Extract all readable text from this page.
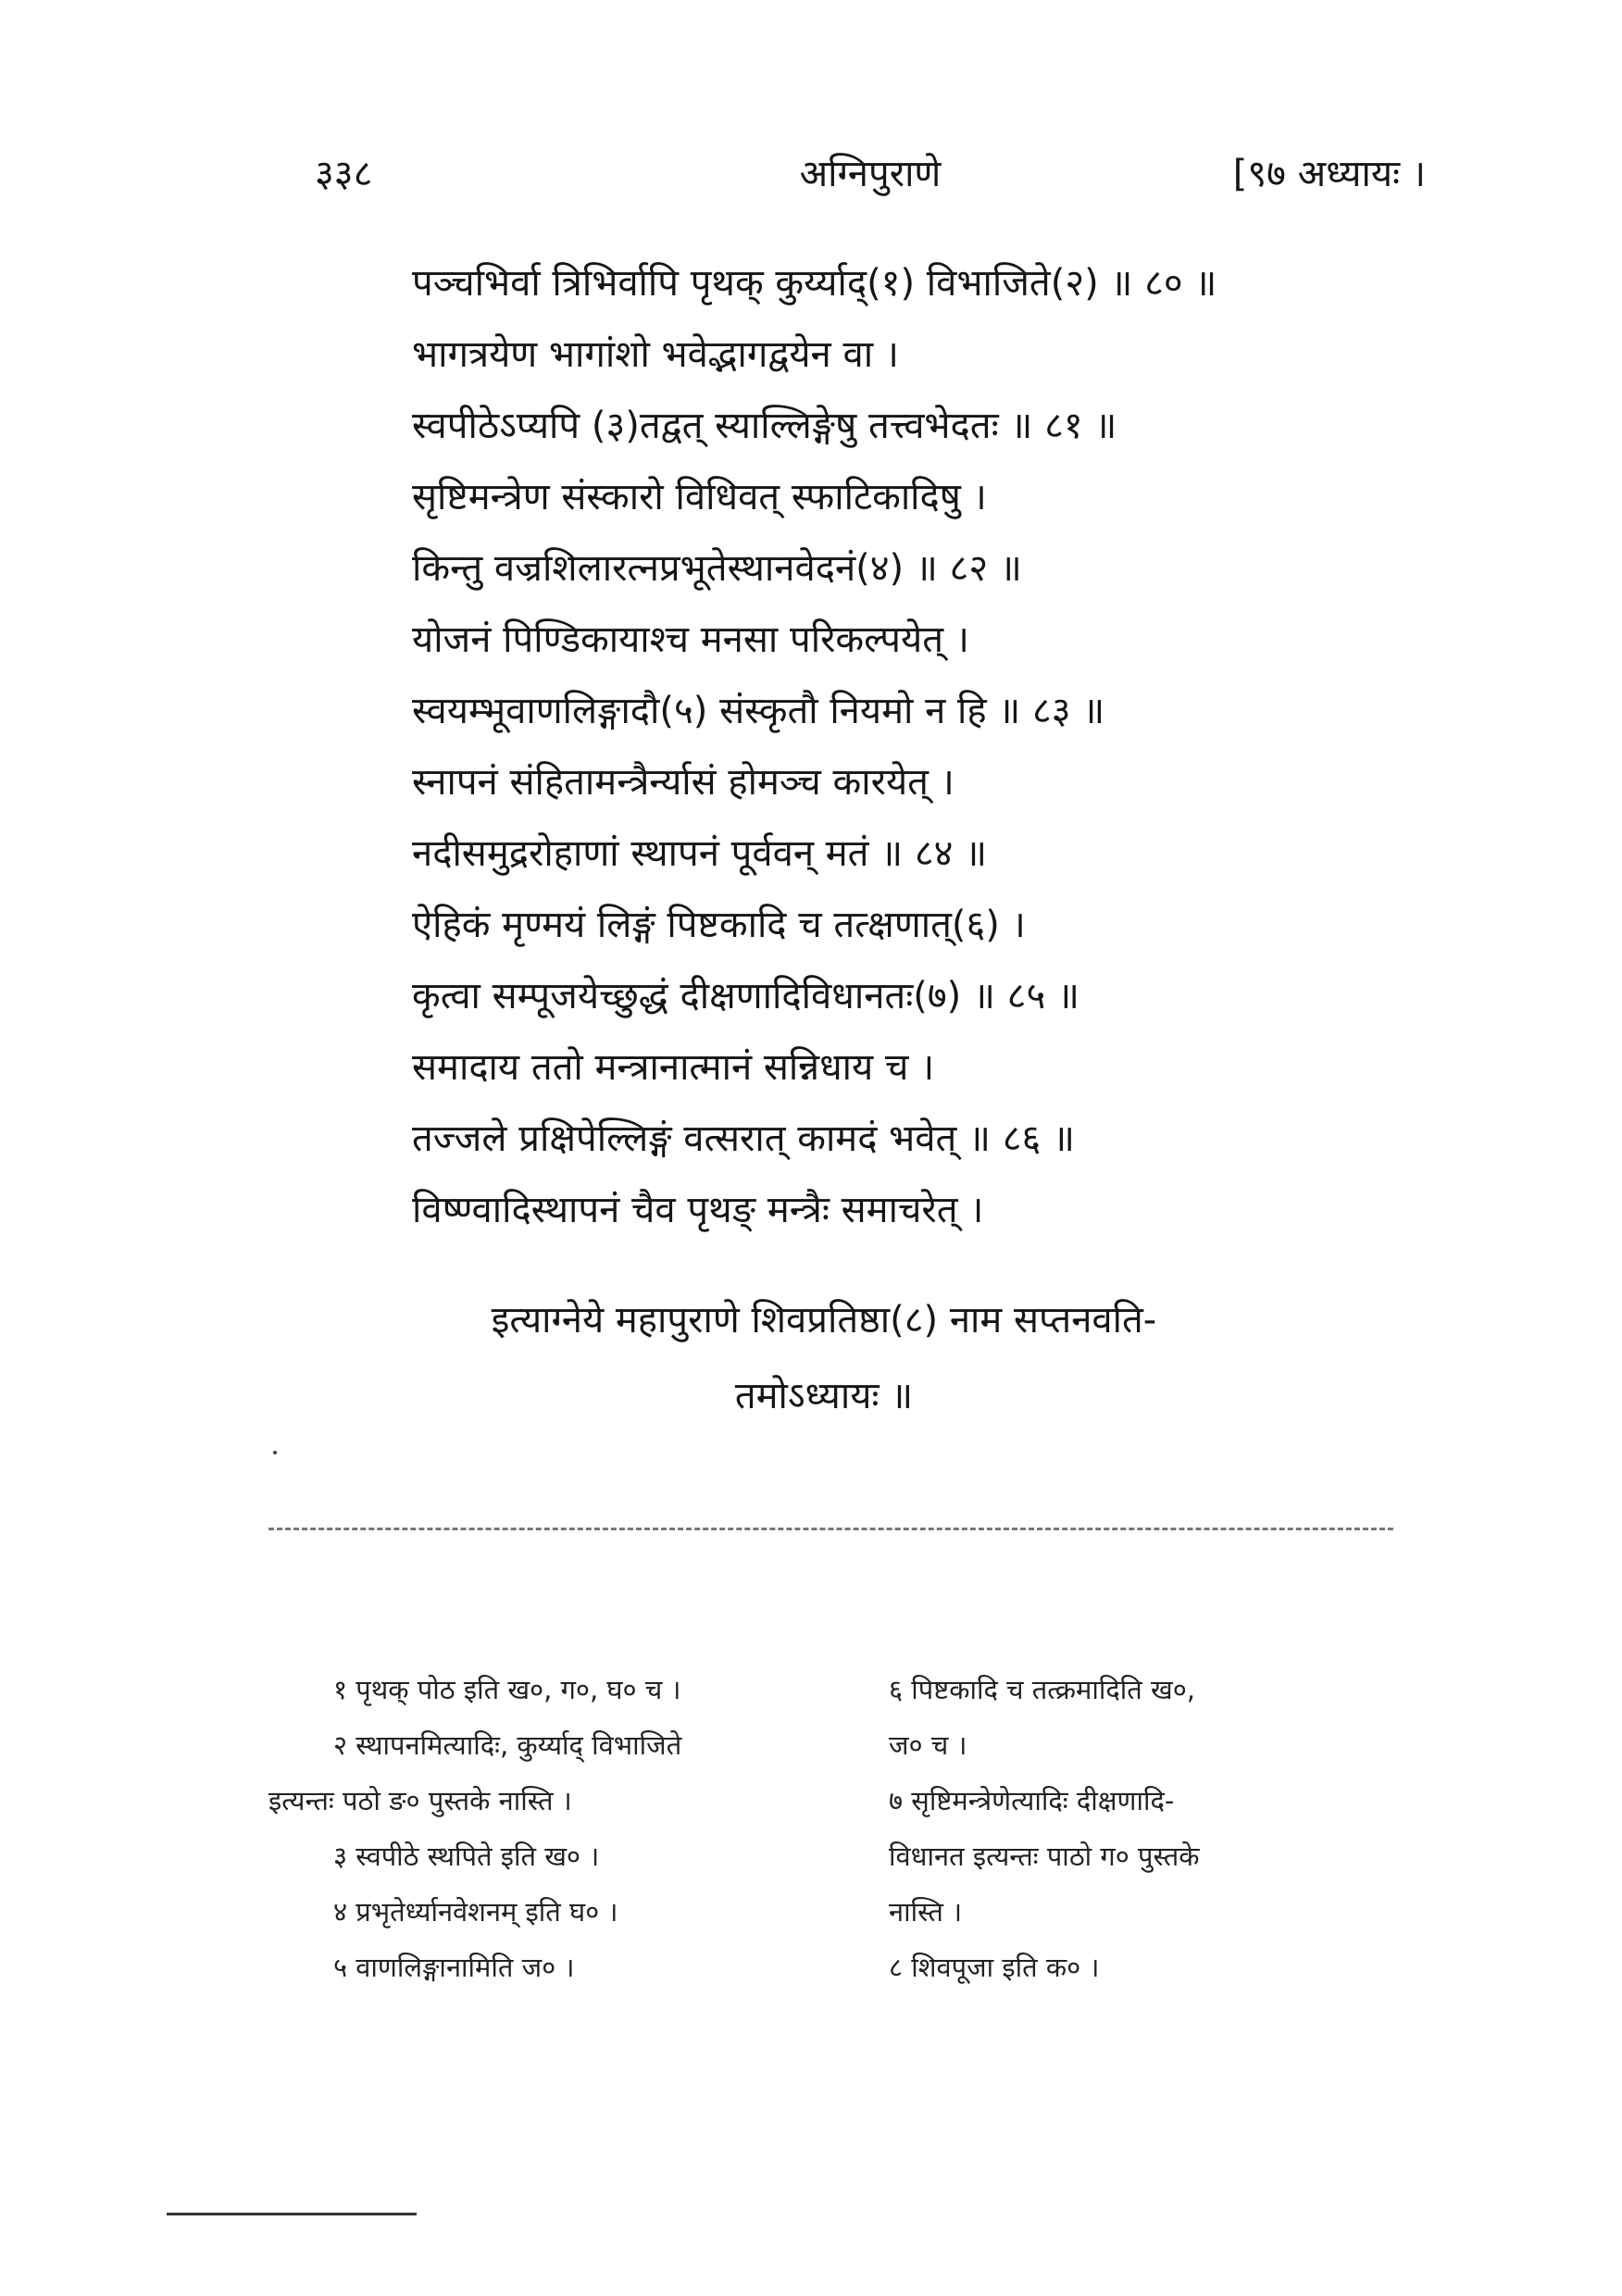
३३८	अग्निपुराणे	[९७ अध्यायः ।
पञ्चभिर्वा त्रिभिर्वापि पृथक् कुर्य्याद्(१) विभाजिते(२) ॥ ८० ॥
भागत्रयेण भागांशो भवेद्भागद्वयेन वा ।
स्वपीठेऽप्यपि (३)तद्वत् स्याल्लिङ्गेषु तत्त्वभेदतः ॥ ८१ ॥
सृष्टिमन्त्रेण संस्कारो विधिवत् स्फाटिकादिषु ।
किन्तु वज्रशिलारत्नप्रभूतेस्थानवेदनं(४) ॥ ८२ ॥
योजनं पिण्डिकायाश्च मनसा परिकल्पयेत् ।
स्वयम्भूवाणलिङ्गादौ(५) संस्कृतौ नियमो न हि ॥ ८३ ॥
स्नापनं संहितामन्त्रैर्न्यासं होमञ्च कारयेत् ।
नदीसमुद्ररोहाणां स्थापनं पूर्ववन् मतं ॥ ८४ ॥
ऐहिकं मृण्मयं लिङ्गं पिष्टकादि च तत्क्षणात्(६) ।
कृत्वा सम्पूजयेच्छुद्धं दीक्षणादिविधानतः(७) ॥ ८५ ॥
समादाय ततो मन्त्रानात्मानं सन्निधाय च ।
तज्जले प्रक्षिपेल्लिङ्गं वत्सरात् कामदं भवेत् ॥ ८६ ॥
विष्ण्वादिस्थापनं चैव पृथङ् मन्त्रैः समाचरेत् ।
इत्याग्नेये महापुराणे शिवप्रतिष्ठा(८) नाम सप्तनवति-
तमोऽध्यायः ॥
१ पृथक् पोठ इति ख०, ग०, घ० च ।
२ स्थापनमित्यादिः, कुर्य्याद् विभाजिते
इत्यन्तः पठो ङ० पुस्तके नास्ति ।
३ स्वपीठे स्थपिते इति ख० ।
४ प्रभृतेर्ध्यानवेशनम् इति घ० ।
५ वाणलिङ्गानामिति ज० ।
६ पिष्टकादि च तत्क्रमादिति ख०,
ज० च ।
७ सृष्टिमन्त्रेणेत्यादिः दीक्षणादि-
विधानत इत्यन्तः पाठो ग० पुस्तके
नास्ति ।
८ शिवपूजा इति क० ।
